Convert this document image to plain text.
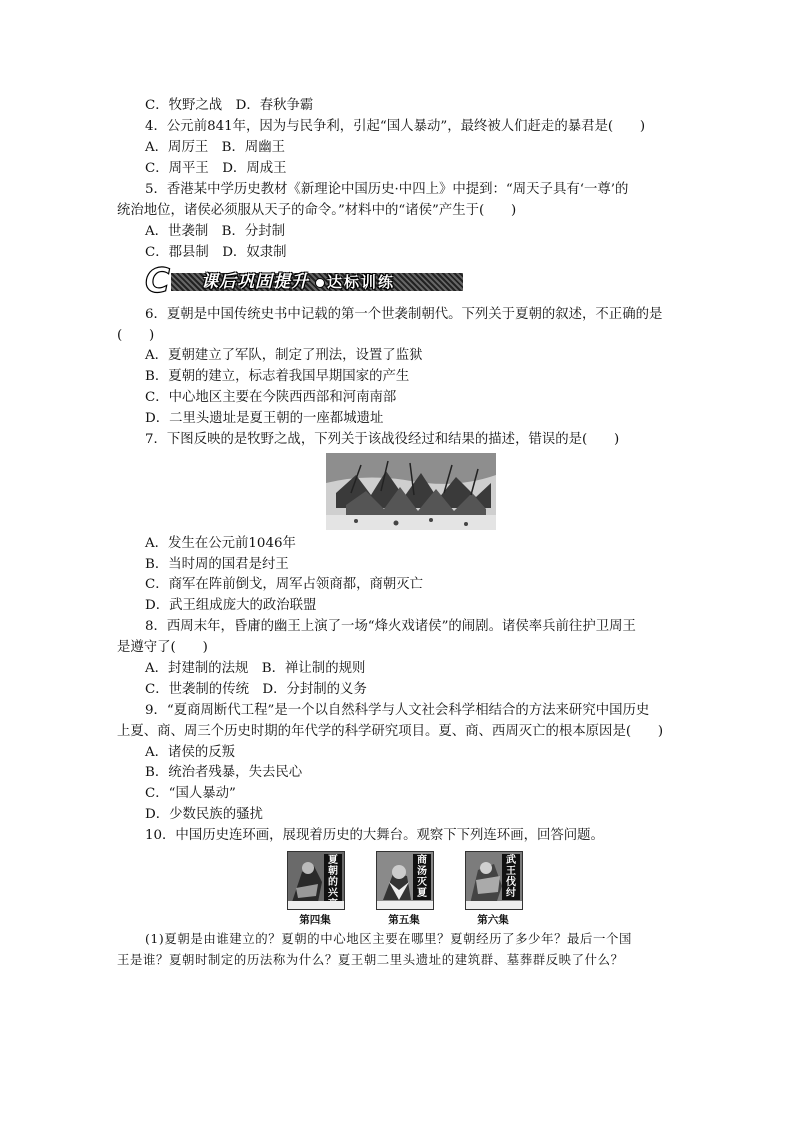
C．牧野之战　D．春秋争霸
4．公元前841年，因为与民争利，引起“国人暴动”，最终被人们赶走的暴君是(　　)
A．周厉王　B．周幽王
C．周平王　D．周成王
5．香港某中学历史教材《新理论中国历史·中四上》中提到：“周天子具有‘一尊’的
统治地位，诸侯必须服从天子的命令。”材料中的“诸侯”产生于(　　)
A．世袭制　B．分封制
C．郡县制　D．奴隶制
C	课后巩固提升 达标训练
6．夏朝是中国传统史书中记载的第一个世袭制朝代。下列关于夏朝的叙述，不正确的是
(　　)
A．夏朝建立了军队，制定了刑法，设置了监狱
B．夏朝的建立，标志着我国早期国家的产生
C．中心地区主要在今陕西西部和河南南部
D．二里头遗址是夏王朝的一座都城遗址
7．下图反映的是牧野之战，下列关于该战役经过和结果的描述，错误的是(　　)
A．发生在公元前1046年
B．当时周的国君是纣王
C．商军在阵前倒戈，周军占领商都，商朝灭亡
D．武王组成庞大的政治联盟
8．西周末年，昏庸的幽王上演了一场“烽火戏诸侯”的闹剧。诸侯率兵前往护卫周王
是遵守了(　　)
A．封建制的法规　B．禅让制的规则
C．世袭制的传统　D．分封制的义务
9．“夏商周断代工程”是一个以自然科学与人文社会科学相结合的方法来研究中国历史
上夏、商、周三个历史时期的年代学的科学研究项目。夏、商、西周灭亡的根本原因是(　　)
A．诸侯的反叛
B．统治者残暴，失去民心
C．“国人暴动”
D．少数民族的骚扰
10．中国历史连环画，展现着历史的大舞台。观察下下列连环画，回答问题。
夏朝的兴
商汤灭夏
武王伐纣
第四集	第五集	第六集
(1)夏朝是由谁建立的？夏朝的中心地区主要在哪里？夏朝经历了多少年？最后一个国
王是谁？夏朝时制定的历法称为什么？夏王朝二里头遗址的建筑群、墓葬群反映了什么？
